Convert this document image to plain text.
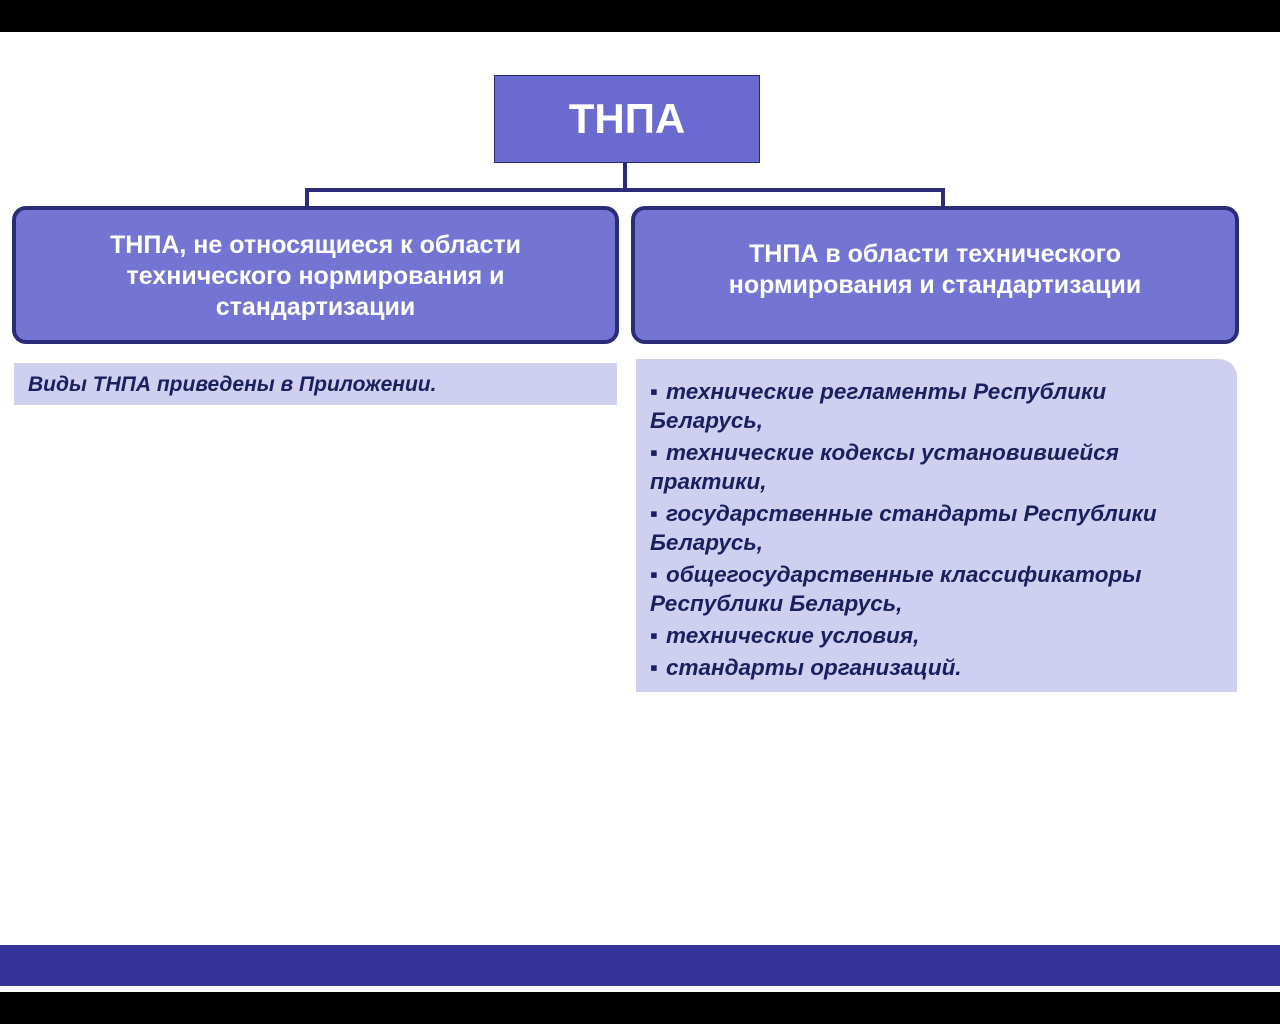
ТНПА
ТНПА, не относящиеся к области технического нормирования и стандартизации
ТНПА в области технического нормирования и стандартизации
Виды ТНПА приведены в Приложении.
▪	технические регламенты Республики Беларусь,
▪ технические кодексы установившейся практики,
▪ государственные стандарты Республики Беларусь,
▪ общегосударственные классификаторы Республики Беларусь,
▪ технические условия,
▪ стандарты организаций.
